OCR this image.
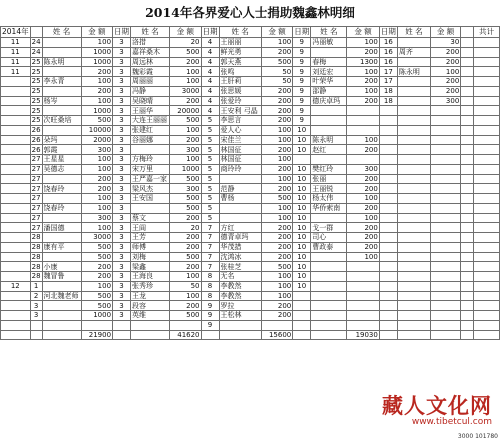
2014年各界爱心人士捐助魏鑫林明细
2014年		姓 名	金 额	日期	姓 名	金 额	日期	姓 名	金 额	日期	姓 名	金 额	日期	姓 名	金 额		共计
11	24		100	3	洛措	20	4	王丽丽	100	9	冯丽敏	100	16		30		
11	24		1000	3	嘉祥桑木	500	4	鲜光勇	200	9		200	16	周齐	200		
11	25	陈永明	1000	3	周远林	200	4	郭天燕	500	9	春梅	1300	16		200		
11	25		200	3	魏彩霞	100	4	张鸣	50	9	刘廷宏	100	17	陈永明	100		
	25	李永青	100	3	周丽丽	100	4	王肝莉	50	9	叶荣华	200	17		200		
	25		200	3	冯静	3000	4	张思媛	200	9	邵静	100	18		200		
	25	杨岑	100	3	吴晓晴	200	4	张爱玲	200	9	德庆卓玛	200	18		300		
	25		1000	3	王丽华	20000	4	王安利 弓晶	200	9							
	25	次旺桑培	500	3	大连王丽丽	500	5	李思言	200	9							
	26		10000	3	张建红	100	5	爱人心	100	10							
	26	朵玛	2000	3	谷丽娜	200	5	宋佳兰	100	10	陈永明	100					
	26	郭霞	300	3		300	5	林国征	200	10	赵红	200					
	27	王星星	100	3	方梅玲	100	5	林国征	100								
	27	吴德志	100	3	宋万里	1000	5	商玲玲	200	10	樊红玲	300					
	27		200	3	王严嘉一家	500	5		100	10	张丽	200					
	27	饶春玲	200	3	梁风杰	300	5	范静	200	10	王丽锐	200					
	27		100	3	王安国	500	5	曹杨	500	10	杨太伟	100					
	27	饶春玲	100	3		500	5		100	10	华侨索南	200					
	27		300	3	蔡文	200	5		100	10		100					
	27	潘国德	100	3	王阎	20	7	方红	200	10	戈一群	200					
	28		3000	3	王芳	200	7	德青卓玛	200	10	司心	200					
	28	康有平	500	3	师傅	200	7	华茂措	200	10	曹政泰	200					
	28		500	3	刘梅	500	7	沈鸿冰	200	10		100					
	28	小康	200	3	梁鑫	200	7	张桂芝	500	10							
	28	魏冒鲁	200	3	王海良	100	8	无名	100	10							
12	1		100	3	张秀珍	50	8	李教然	100	10							
	2	河北魏老师	500	3	王龙	100	8	李教然	100								
	3		500	3	段容	200	9	罗拉	200								
	3		1000	3	英维	500	9	王松林	200								
							9										
			21900			41620			15600			19030					
藏人文化网
www.tibetcul.com
3000 101780
